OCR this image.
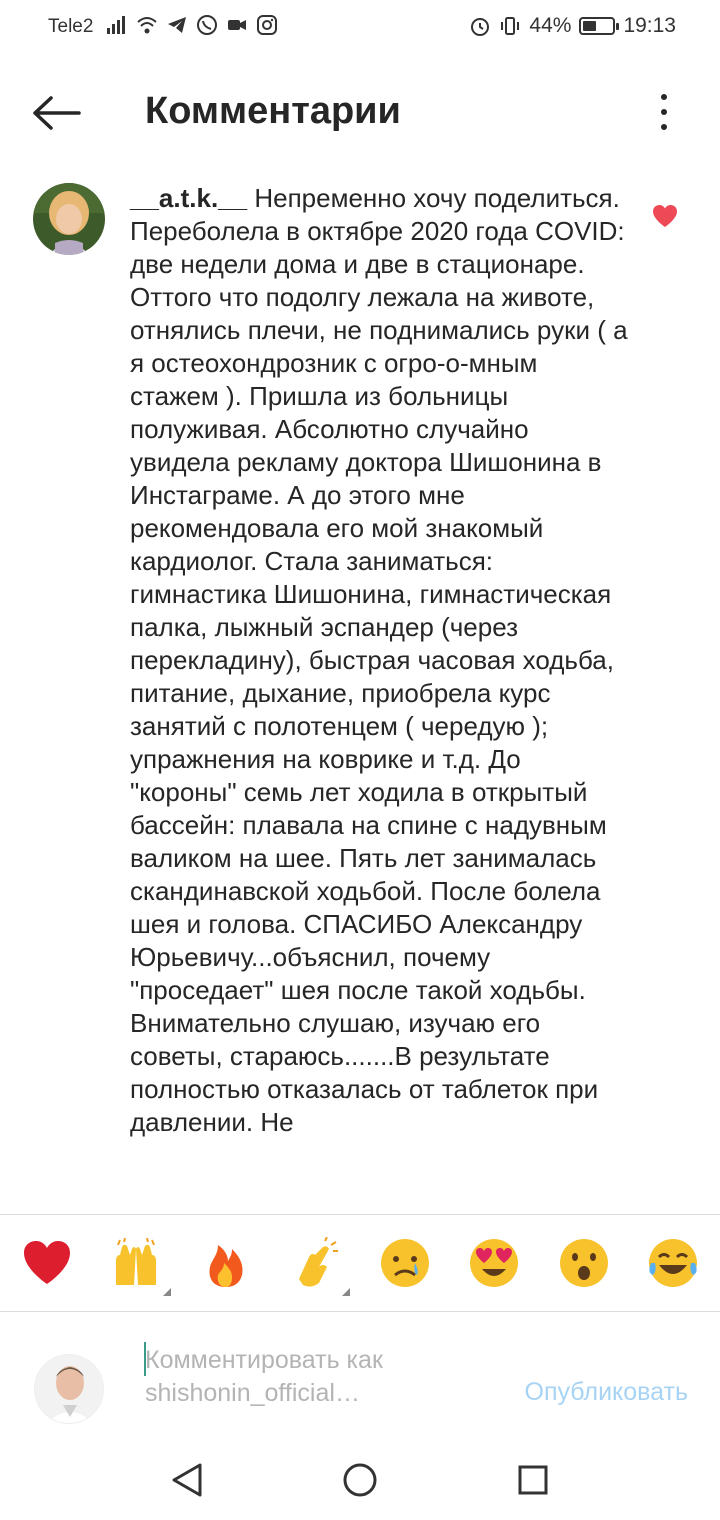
Tele2	44% 19:13
Комментарии
__a.t.k.__ Непременно хочу поделиться. Переболела в октябре 2020 года COVID: две недели дома и две в стационаре. Оттого что подолгу лежала на животе, отнялись плечи, не поднимались руки ( а я остеохондрозник с огро-о-мным стажем ). Пришла из больницы полуживая. Абсолютно случайно увидела рекламу доктора Шишонина в Инстаграме. А до этого мне рекомендовала его мой знакомый кардиолог. Стала заниматься: гимнастика Шишонина, гимнастическая палка, лыжный эспандер (через перекладину), быстрая часовая ходьба, питание, дыхание, приобрела курс занятий с полотенцем ( чередую ); упражнения на коврике и т.д. До "короны" семь лет ходила в открытый бассейн: плавала на спине с надувным валиком на шее. Пять лет занималась скандинавской ходьбой. После болела шея и голова. СПАСИБО Александру Юрьевичу...объяснил, почему "проседает" шея после такой ходьбы. Внимательно слушаю, изучаю его советы, стараюсь.......В результате полностью отказалась от таблеток при давлении. Не
Комментировать как shishonin_official…	Опубликовать
